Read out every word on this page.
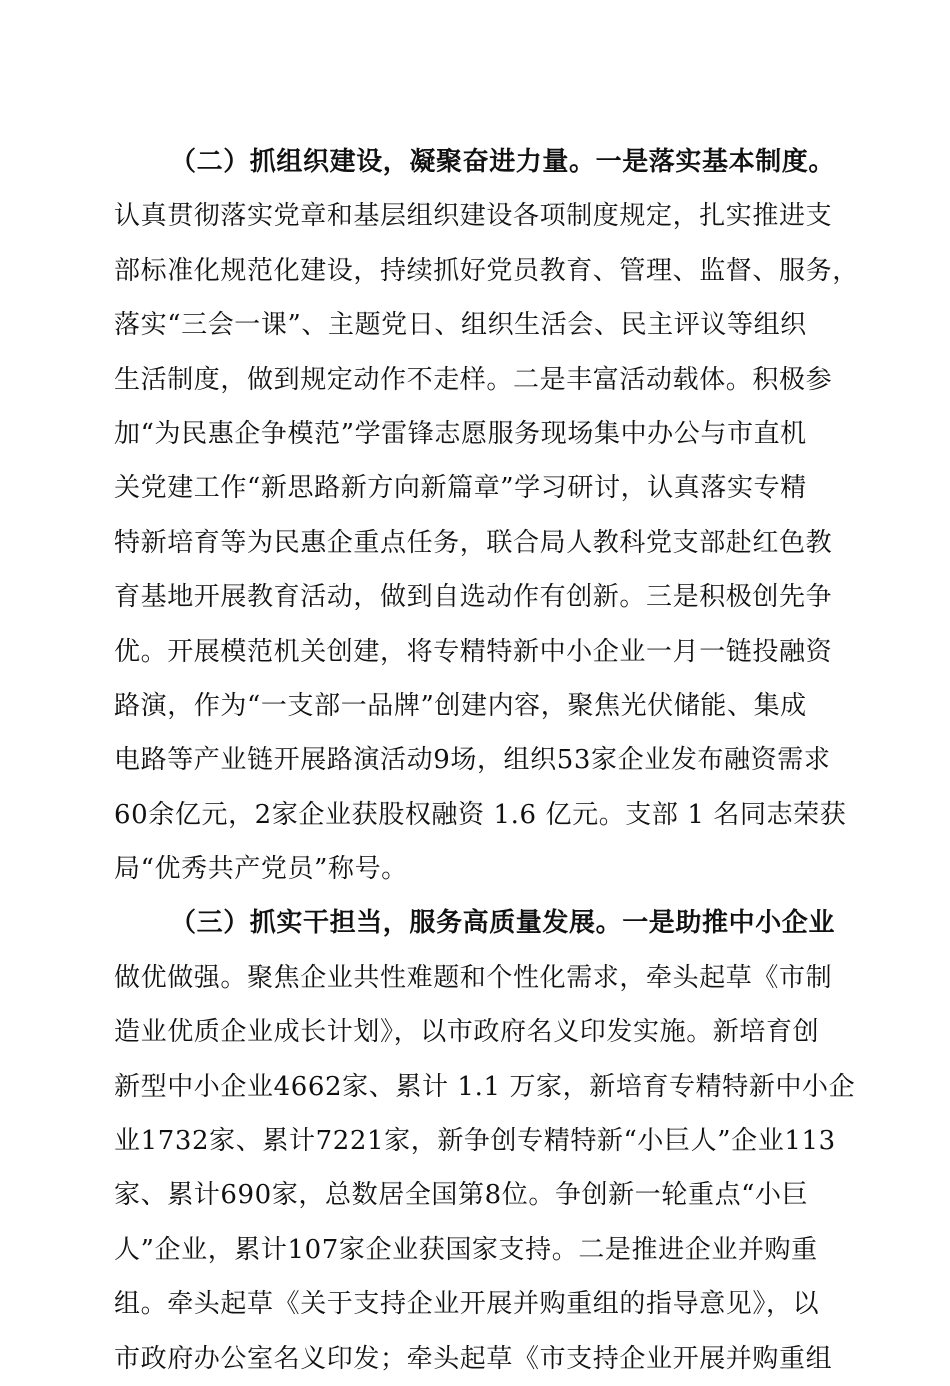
（二）抓组织建设，凝聚奋进力量。一是落实基本制度。
认真贯彻落实党章和基层组织建设各项制度规定，扎实推进支
部标准化规范化建设，持续抓好党员教育、管理、监督、服务，
落实“三会一课”、主题党日、组织生活会、民主评议等组织
生活制度，做到规定动作不走样。二是丰富活动载体。积极参
加“为民惠企争模范”学雷锋志愿服务现场集中办公与市直机
关党建工作“新思路新方向新篇章”学习研讨，认真落实专精
特新培育等为民惠企重点任务，联合局人教科党支部赴红色教
育基地开展教育活动，做到自选动作有创新。三是积极创先争
优。开展模范机关创建，将专精特新中小企业一月一链投融资
路演，作为“一支部一品牌”创建内容，聚焦光伏储能、集成
电路等产业链开展路演活动9场，组织53家企业发布融资需求
60余亿元，2家企业获股权融资 1.6 亿元。支部 1 名同志荣获
局“优秀共产党员”称号。
（三）抓实干担当，服务高质量发展。一是助推中小企业
做优做强。聚焦企业共性难题和个性化需求，牵头起草《市制
造业优质企业成长计划》，以市政府名义印发实施。新培育创
新型中小企业4662家、累计 1.1 万家，新培育专精特新中小企
业1732家、累计7221家，新争创专精特新“小巨人”企业113
家、累计690家，总数居全国第8位。争创新一轮重点“小巨
人”企业，累计107家企业获国家支持。二是推进企业并购重
组。牵头起草《关于支持企业开展并购重组的指导意见》，以
市政府办公室名义印发；牵头起草《市支持企业开展并购重组
